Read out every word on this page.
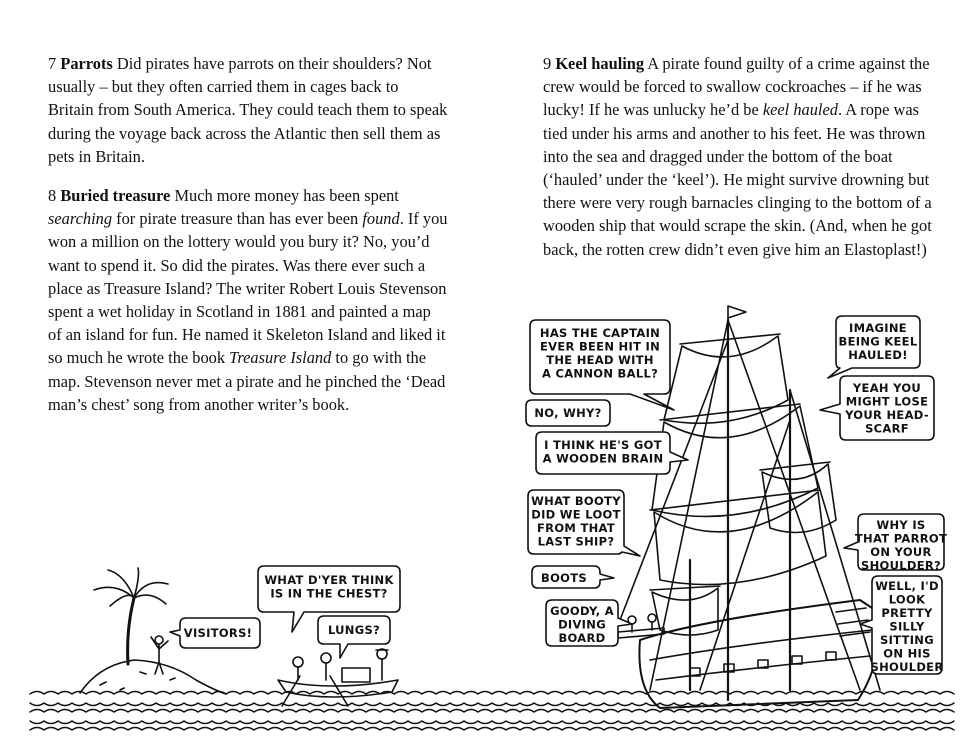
7 Parrots Did pirates have parrots on their shoulders? Not usually – but they often carried them in cages back to Britain from South America. They could teach them to speak during the voyage back across the Atlantic then sell them as pets in Britain.

8 Buried treasure Much more money has been spent searching for pirate treasure than has ever been found. If you won a million on the lottery would you bury it? No, you’d want to spend it. So did the pirates. Was there ever such a place as Treasure Island? The writer Robert Louis Stevenson spent a wet holiday in Scotland in 1881 and painted a map of an island for fun. He named it Skeleton Island and liked it so much he wrote the book Treasure Island to go with the map. Stevenson never met a pirate and he pinched the ‘Dead man’s chest’ song from another writer’s book.

9 Keel hauling A pirate found guilty of a crime against the crew would be forced to swallow cockroaches – if he was lucky! If he was unlucky he’d be keel hauled. A rope was tied under his arms and another to his feet. He was thrown into the sea and dragged under the bottom of the boat (‘hauled’ under the ‘keel’). He might survive drowning but there were very rough barnacles clinging to the bottom of a wooden ship that would scrape the skin. (And, when he got back, the rotten crew didn’t even give him an Elastoplast!)

VISITORS!
WHAT D'YER THINK IS IN THE CHEST?
LUNGS?
HAS THE CAPTAIN EVER BEEN HIT IN THE HEAD WITH A CANNON BALL?
NO, WHY?
I THINK HE'S GOT A WOODEN BRAIN
WHAT BOOTY DID WE LOOT FROM THAT LAST SHIP?
BOOTS
GOODY, A DIVING BOARD
IMAGINE BEING KEEL HAULED!
YEAH YOU MIGHT LOSE YOUR HEAD-SCARF
WHY IS THAT PARROT ON YOUR SHOULDER?
WELL, I'D LOOK PRETTY SILLY SITTING ON HIS SHOULDER
